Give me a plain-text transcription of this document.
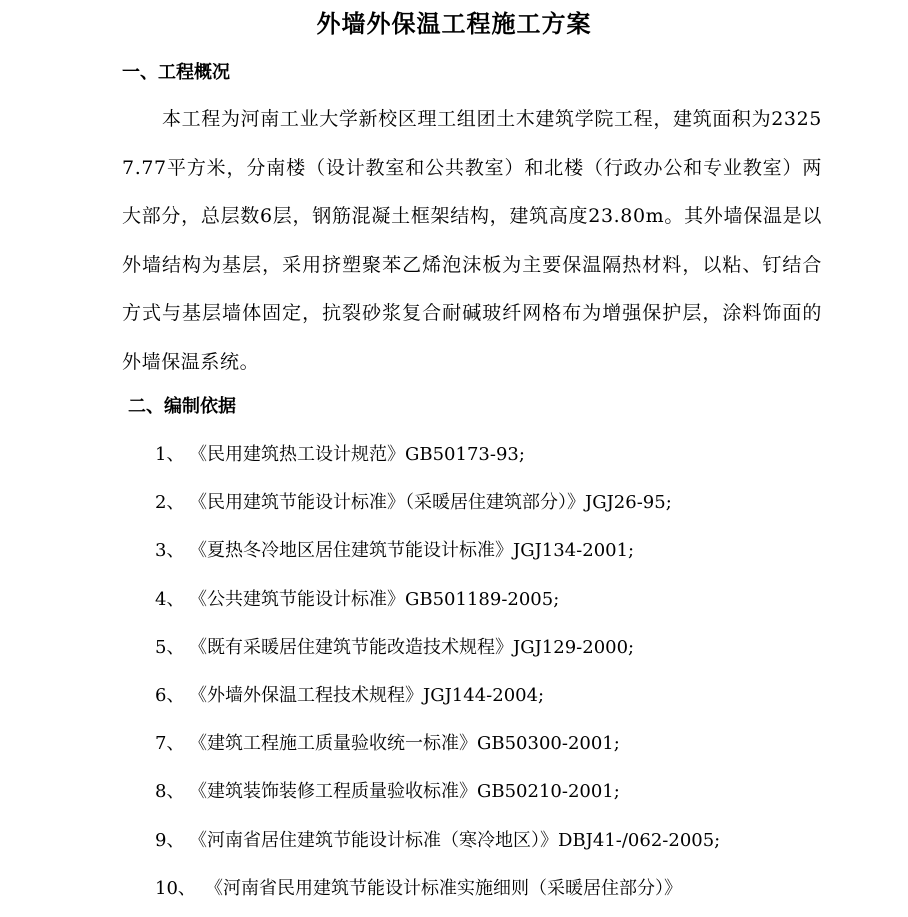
外墙外保温工程施工方案
一、工程概况

本工程为河南工业大学新校区理工组团土木建筑学院工程，建筑面积为23257.77平方米，分南楼（设计教室和公共教室）和北楼（行政办公和专业教室）两大部分，总层数6层，钢筋混凝土框架结构，建筑高度23.80m。其外墙保温是以外墙结构为基层，采用挤塑聚苯乙烯泡沫板为主要保温隔热材料，以粘、钉结合方式与基层墙体固定，抗裂砂浆复合耐碱玻纤网格布为增强保护层，涂料饰面的外墙保温系统。

二、编制依据
1、 《民用建筑热工设计规范》GB50173-93;
2、 《民用建筑节能设计标准》（采暖居住建筑部分）》JGJ26-95;
3、 《夏热冬冷地区居住建筑节能设计标准》JGJ134-2001;
4、 《公共建筑节能设计标准》GB501189-2005;
5、 《既有采暖居住建筑节能改造技术规程》JGJ129-2000;
6、 《外墙外保温工程技术规程》JGJ144-2004;
7、 《建筑工程施工质量验收统一标准》GB50300-2001;
8、 《建筑装饰装修工程质量验收标准》GB50210-2001;
9、 《河南省居住建筑节能设计标准（寒冷地区）》DBJ41-/062-2005;
10、 《河南省民用建筑节能设计标准实施细则（采暖居住部分）》
